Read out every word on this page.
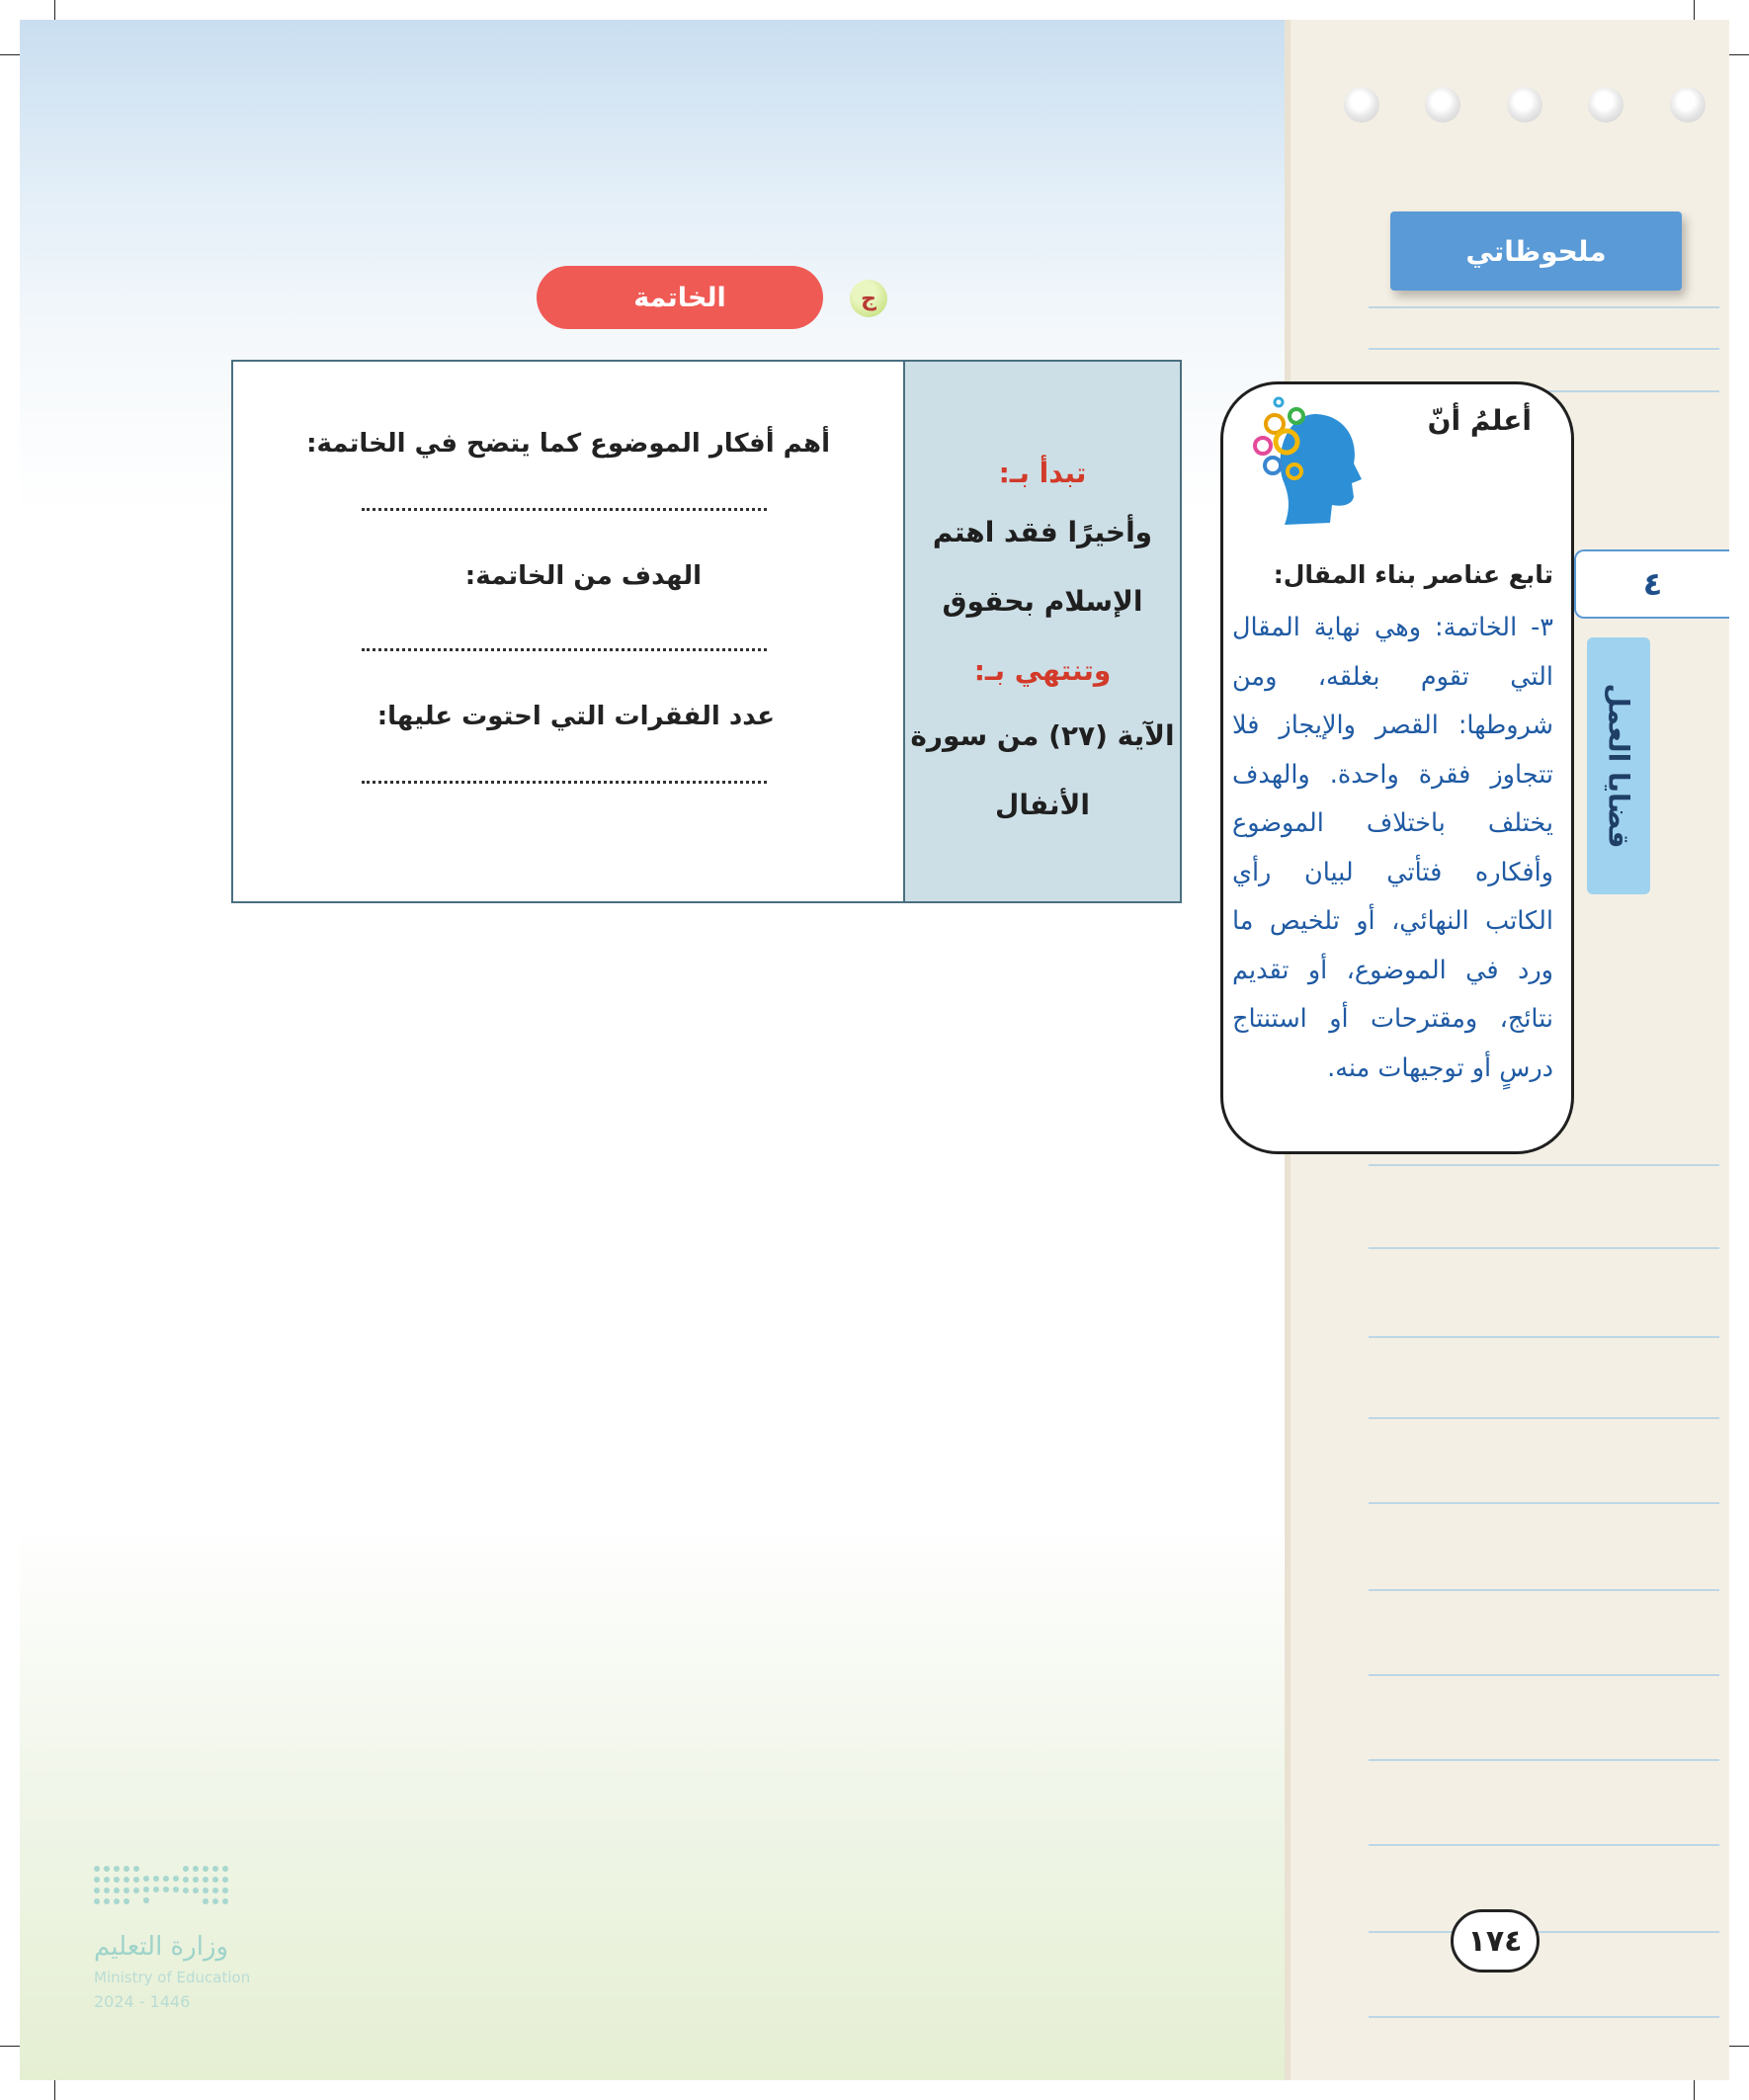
ملحوظاتي
٤
قضايا العمل
أعلمُ أنّ
تابع عناصر بناء المقال:
٣- الخاتمة: وهي نهاية المقال التي تقوم بغلقه، ومن شروطها: القصر والإيجاز فلا تتجاوز فقرة واحدة. والهدف يختلف باختلاف الموضوع وأفكاره فتأتي لبيان رأي الكاتب النهائي، أو تلخيص ما ورد في الموضوع، أو تقديم نتائج، ومقترحات أو استنتاج درسٍ أو توجيهات منه.
١٧٤
ج
الخاتمة
تبدأ بـ:
وأخيرًا فقد اهتم
الإسلام بحقوق
وتنتهي بـ:
الآية (٢٧) من سورة
الأنفال
أهم أفكار الموضوع كما يتضح في الخاتمة:
الهدف من الخاتمة:
عدد الفقرات التي احتوت عليها:
وزارة التعليم
Ministry of Education
2024 - 1446
